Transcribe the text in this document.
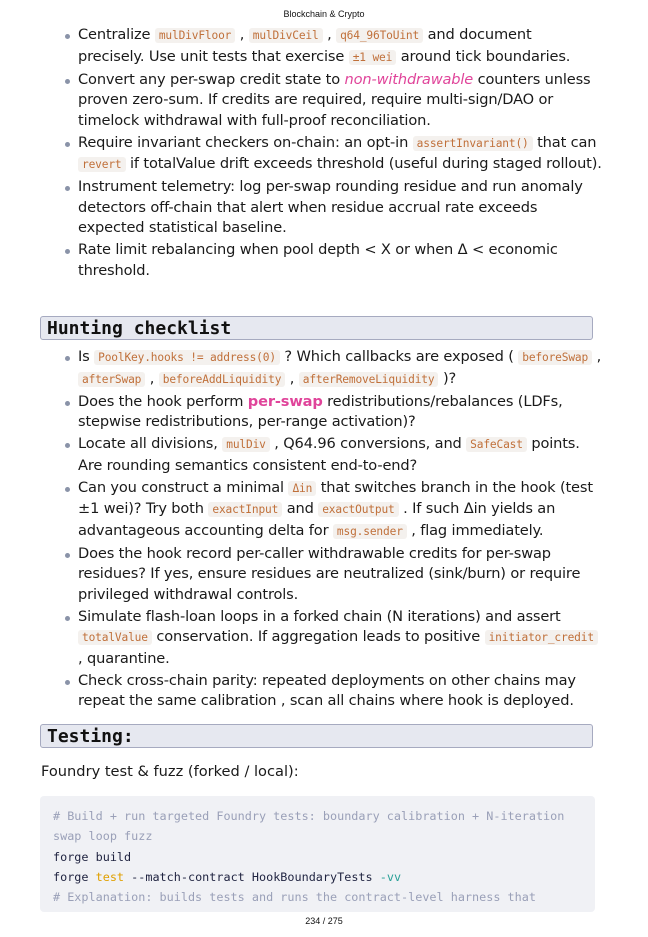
Blockchain & Crypto
Centralize mulDivFloor , mulDivCeil , q64_96ToUint and document precisely. Use unit tests that exercise ±1 wei around tick boundaries.
Convert any per-swap credit state to non-withdrawable counters unless proven zero-sum. If credits are required, require multi-sign/DAO or timelock withdrawal with full-proof reconciliation.
Require invariant checkers on-chain: an opt-in assertInvariant() that can revert if totalValue drift exceeds threshold (useful during staged rollout).
Instrument telemetry: log per-swap rounding residue and run anomaly detectors off-chain that alert when residue accrual rate exceeds expected statistical baseline.
Rate limit rebalancing when pool depth < X or when Δ < economic threshold.
Hunting checklist
Is PoolKey.hooks != address(0) ? Which callbacks are exposed ( beforeSwap , afterSwap , beforeAddLiquidity , afterRemoveLiquidity )?
Does the hook perform per-swap redistributions/rebalances (LDFs, stepwise redistributions, per-range activation)?
Locate all divisions, mulDiv , Q64.96 conversions, and SafeCast points. Are rounding semantics consistent end-to-end?
Can you construct a minimal Δin that switches branch in the hook (test ±1 wei)? Try both exactInput and exactOutput . If such Δin yields an advantageous accounting delta for msg.sender , flag immediately.
Does the hook record per-caller withdrawable credits for per-swap residues? If yes, ensure residues are neutralized (sink/burn) or require privileged withdrawal controls.
Simulate flash-loan loops in a forked chain (N iterations) and assert totalValue conservation. If aggregation leads to positive initiator_credit , quarantine.
Check cross-chain parity: repeated deployments on other chains may repeat the same calibration , scan all chains where hook is deployed.
Testing:
Foundry test & fuzz (forked / local):
# Build + run targeted Foundry tests: boundary calibration + N-iteration
swap loop fuzz
forge build
forge test --match-contract HookBoundaryTests -vv
# Explanation: builds tests and runs the contract-level harness that
234 / 275
